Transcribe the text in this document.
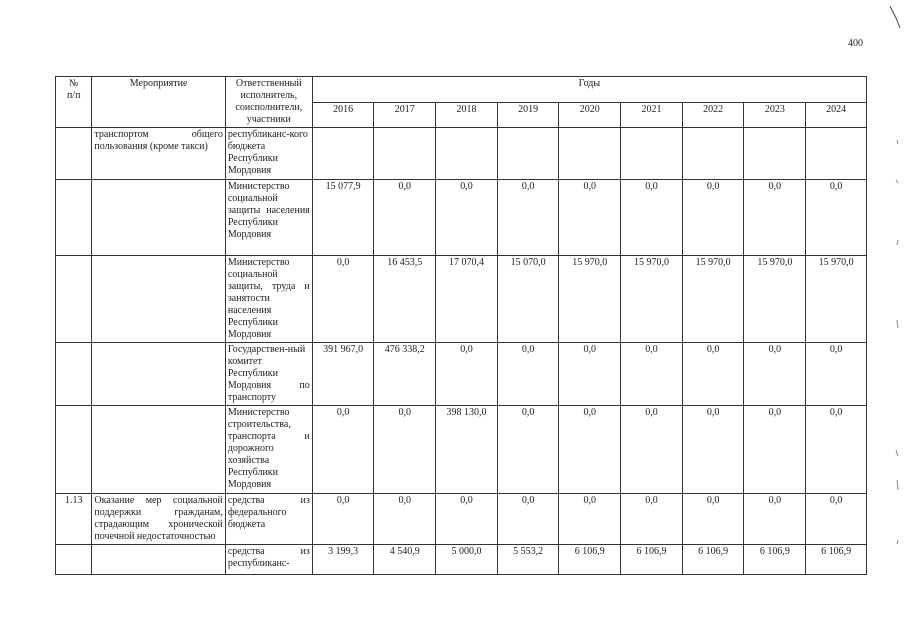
400
№
п/п	Мероприятие	Ответственный исполнитель, соисполнители, участники	Годы								
			2016	2017	2018	2019	2020	2021	2022	2023	2024
	транспортом общего пользования (кроме такси)	республиканс-кого бюджета Республики Мордовия									
		Министерство социальной защиты населения Республики Мордовия	15 077,9	0,0	0,0	0,0	0,0	0,0	0,0	0,0	0,0
		Министерство социальной защиты, труда и занятости населения Республики Мордовия	0,0	16 453,5	17 070,4	15 070,0	15 970,0	15 970,0	15 970,0	15 970,0	15 970,0
		Государствен-ный комитет Республики Мордовия по транспорту	391 967,0	476 338,2	0,0	0,0	0,0	0,0	0,0	0,0	0,0
		Министерство строительства, транспорта и дорожного хозяйства Республики Мордовия	0,0	0,0	398 130,0	0,0	0,0	0,0	0,0	0,0	0,0
1.13	Оказание мер социальной поддержки гражданам, страдающим хронической почечной недостаточностью	средства из федерального бюджета	0,0	0,0	0,0	0,0	0,0	0,0	0,0	0,0	0,0
		средства из республиканс-	3 199,3	4 540,9	5 000,0	5 553,2	6 106,9	6 106,9	6 106,9	6 106,9	6 106,9
